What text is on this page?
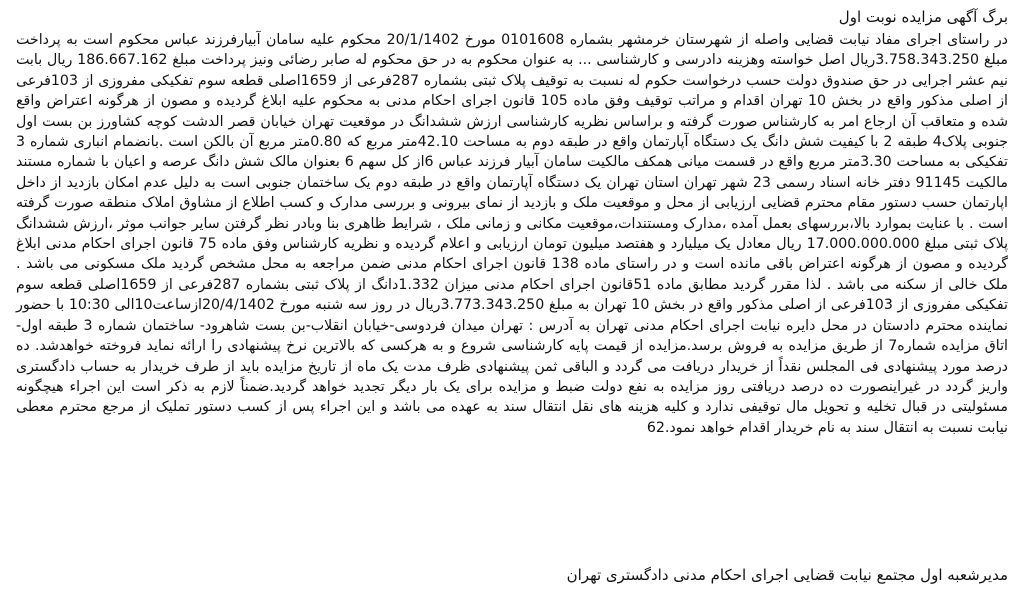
برگ آگهی مزایده نوبت اول

در راستای اجرای مفاد نیابت قضایی واصله از شهرستان خرمشهر بشماره 0101608 مورخ 20/1/1402 محکوم علیه سامان آبیارفرزند عباس محکوم است به پرداخت مبلغ 3.758.343.250ریال اصل خواسته وهزینه دادرسی و کارشناسی ... به عنوان محکوم به در حق محکوم له صابر رضائی ونیز پرداخت مبلغ 186.667.162 ریال بابت نیم عشر اجرایی در حق صندوق دولت حسب درخواست حکوم له نسبت به توقیف پلاک ثبتی بشماره 287فرعی از 1659اصلی قطعه سوم تفکیکی مفروزی از 103فرعی از اصلی مذکور واقع در بخش 10 تهران اقدام و مراتب توقیف وفق ماده 105 قانون اجرای احکام مدنی به محکوم علیه ابلاغ گردیده و مصون از هرگونه اعتراض واقع شده و متعاقب آن ارجاع امر به کارشناس صورت گرفته و براساس نظریه کارشناسی ارزش ششدانگ در موقعیت تهران خیابان قصر الدشت کوچه کشاورز بن بست اول جنوبی پلاک4 طبقه 2 با کیفیت شش دانگ یک دستگاه آپارتمان واقع در طبقه دوم به مساحت 42.10متر مربع که 0.80متر مربع آن بالکن است .بانضمام انباری شماره 3 تفکیکی به مساحت 3.30متر مربع واقع در قسمت میانی همکف مالکیت سامان آبیار فرزند عباس 6از کل سهم 6 بعنوان مالک شش دانگ عرصه و اعیان با شماره مستند مالکیت 91145 دفتر خانه اسناد رسمی 23 شهر تهران استان تهران یک دستگاه آپارتمان واقع در طبقه دوم یک ساختمان جنوبی است به دلیل عدم امکان بازدید از داخل اپارتمان حسب دستور مقام محترم قضایی ارزیابی از محل و موقعیت ملک و بازدید از نمای بیرونی و بررسی مدارک و کسب اطلاع از مشاوق املاک منطقه صورت گرفته است . با عنایت بموارد بالا،بررسهای بعمل آمده ،مدارک ومستندات،موقعیت مکانی و زمانی ملک ، شرایط ظاهری بنا وبادر نظر گرفتن سایر جوانب موثر ،ارزش ششدانگ پلاک ثبتی مبلغ 17.000.000.000 ریال معادل یک میلیارد و هفتصد میلیون تومان ارزیابی و اعلام گردیده و نظریه کارشناس وفق ماده 75 قانون اجرای احکام مدنی ابلاغ گردیده و مصون از هرگونه اعتراض باقی مانده است و در راستای ماده 138 قانون اجرای احکام مدنی ضمن مراجعه به محل مشخص گردید ملک مسکونی می باشد . ملک خالی از سکنه می باشد . لذا مقرر گردید مطابق ماده 51قانون اجرای احکام مدنی میزان 1.332دانگ از پلاک ثبتی بشماره 287فرعی از 1659اصلی قطعه سوم تفکیکی مفروزی از 103فرعی از اصلی مذکور واقع در بخش 10 تهران به مبلغ 3.773.343.250ریال در روز سه شنبه مورخ 20/4/1402ازساعت10الی 10:30 با حضور نماینده محترم دادستان در محل دایره نیابت اجرای احکام مدنی تهران به آدرس : تهران میدان فردوسی-خیابان انقلاب-بن بست شاهرود- ساختمان شماره 3 طبقه اول-اتاق مزایده شماره7 از طریق مزایده به فروش برسد.مزایده از قیمت پایه کارشناسی شروع و به هرکسی که بالاترین نرخ پیشنهادی را ارائه نماید فروخته خواهدشد. ده درصد مورد پیشنهادی فی المجلس نقداً از خریدار دریافت می گردد و الباقی ثمن پیشنهادی ظرف مدت یک ماه از تاریخ مزایده باید از طرف خریدار به حساب دادگستری واریز گردد در غیراینصورت ده درصد دریافتی روز مزایده به نفع دولت ضبط و مزایده برای یک بار دیگر تجدید خواهد گردید.ضمناً لازم به ذکر است این اجراء هیچگونه مسئولیتی در قبال تخلیه و تحویل مال توقیفی ندارد و کلیه هزینه های نقل انتقال سند به عهده می باشد و این اجراء پس از کسب دستور تملیک از مرجع محترم معطی نیابت نسبت به انتقال سند به نام خریدار اقدام خواهد نمود.62

مدیرشعبه اول مجتمع نیابت قضایی اجرای احکام مدنی دادگستری تهران
